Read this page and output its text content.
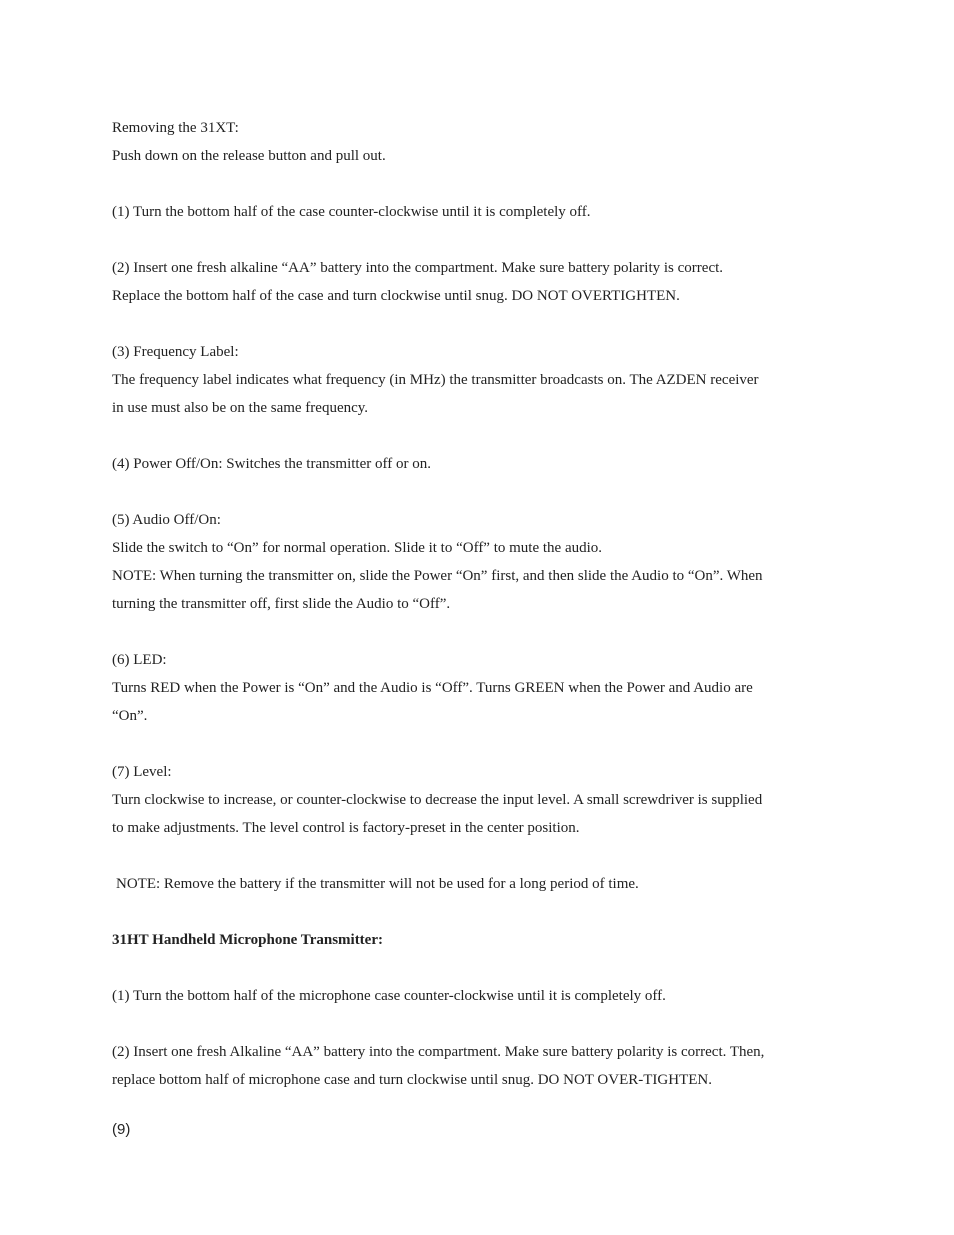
Removing the 31XT:
Push down on the release button and pull out.
(1) Turn the bottom half of the case counter-clockwise until it is completely off.
(2) Insert one fresh alkaline “AA” battery into the compartment. Make sure battery polarity is correct.
Replace the bottom half of the case and turn clockwise until snug. DO NOT OVERTIGHTEN.
(3) Frequency Label:
The frequency label indicates what frequency (in MHz) the transmitter broadcasts on. The AZDEN receiver
in use must also be on the same frequency.
(4) Power Off/On: Switches the transmitter off or on.
(5) Audio Off/On:
Slide the switch to “On” for normal operation. Slide it to “Off” to mute the audio.
NOTE: When turning the transmitter on, slide the Power “On” first, and then slide the Audio to “On”. When
turning the transmitter off, first slide the Audio to “Off”.
(6) LED:
Turns RED when the Power is “On” and the Audio is “Off”. Turns GREEN when the Power and Audio are
“On”.
(7) Level:
Turn clockwise to increase, or counter-clockwise to decrease the input level. A small screwdriver is supplied
to make adjustments. The level control is factory-preset in the center position.
NOTE: Remove the battery if the transmitter will not be used for a long period of time.
31HT Handheld Microphone Transmitter:
(1) Turn the bottom half of the microphone case counter-clockwise until it is completely off.
(2) Insert one fresh Alkaline “AA” battery into the compartment. Make sure battery polarity is correct. Then,
replace bottom half of microphone case and turn clockwise until snug. DO NOT OVER-TIGHTEN.
(9)
